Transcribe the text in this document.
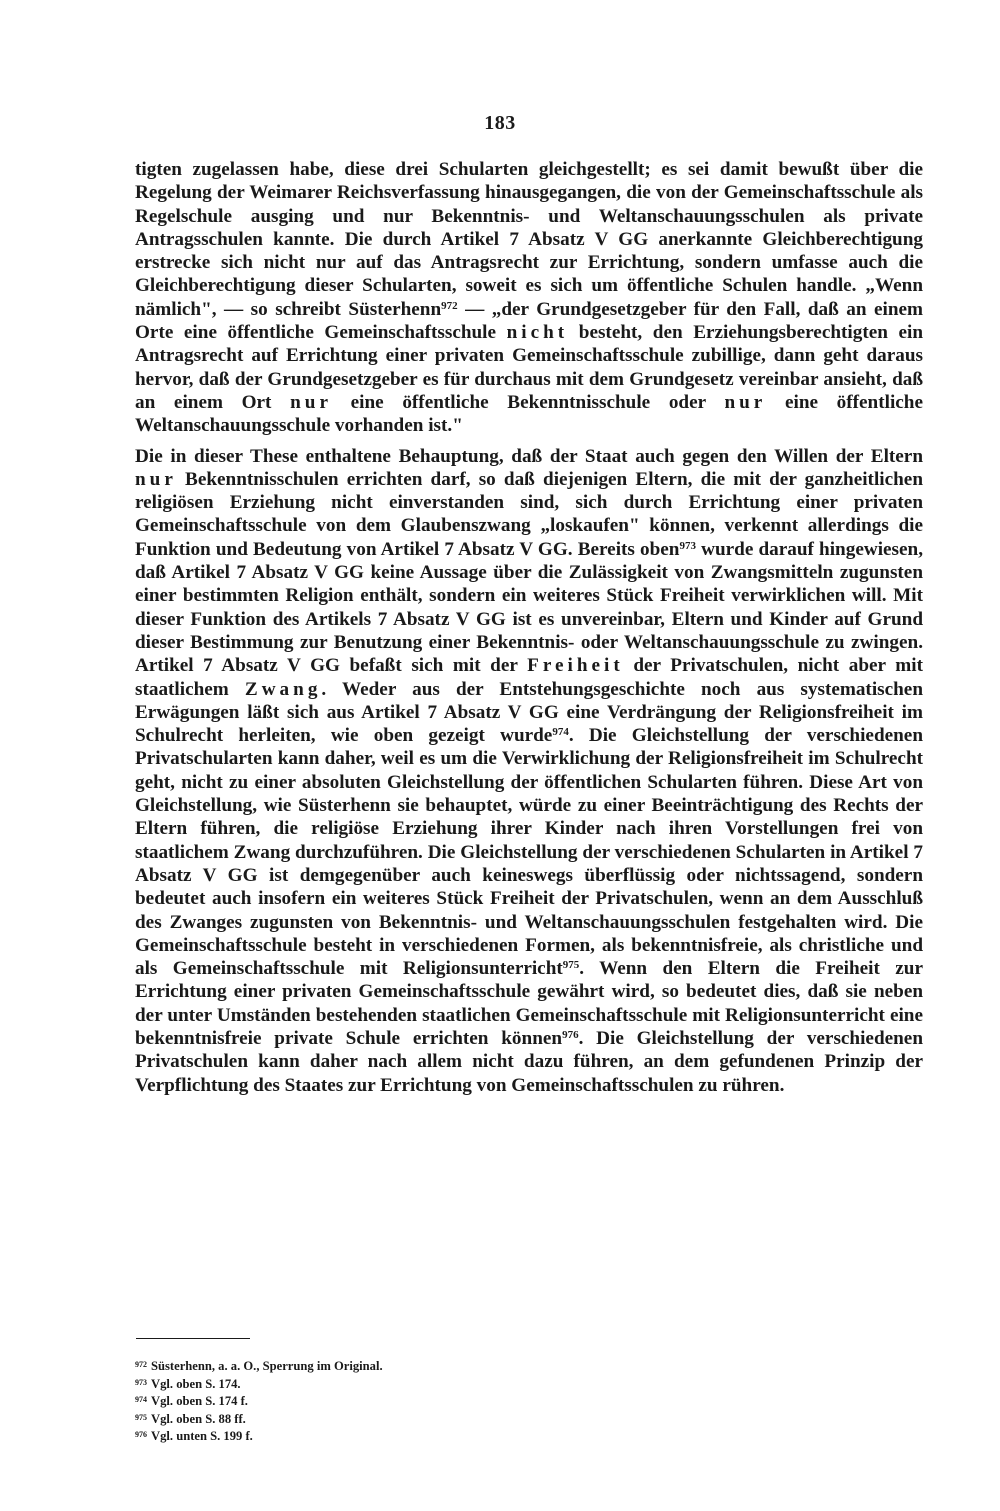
183

tigten zugelassen habe, diese drei Schularten gleichgestellt; es sei damit bewußt über die Regelung der Weimarer Reichsverfassung hinausgegangen, die von der Gemeinschaftsschule als Regelschule ausging und nur Bekenntnis- und Weltanschauungsschulen als private Antragsschulen kannte. Die durch Artikel 7 Absatz V GG anerkannte Gleichberechtigung erstrecke sich nicht nur auf das Antragsrecht zur Errichtung, sondern umfasse auch die Gleichberechtigung dieser Schularten, soweit es sich um öffentliche Schulen handle. „Wenn nämlich", — so schreibt Süsterhenn$^{972}$ — „der Grundgesetzgeber für den Fall, daß an einem Orte eine öffentliche Gemeinschaftsschule nicht besteht, den Erziehungsberechtigten ein Antragsrecht auf Errichtung einer privaten Gemeinschaftsschule zubillige, dann geht daraus hervor, daß der Grundgesetzgeber es für durchaus mit dem Grundgesetz vereinbar ansieht, daß an einem Ort nur eine öffentliche Bekenntnisschule oder nur eine öffentliche Weltanschauungsschule vorhanden ist."

Die in dieser These enthaltene Behauptung, daß der Staat auch gegen den Willen der Eltern nur Bekenntnisschulen errichten darf, so daß diejenigen Eltern, die mit der ganzheitlichen religiösen Erziehung nicht einverstanden sind, sich durch Errichtung einer privaten Gemeinschaftsschule von dem Glaubenszwang „loskaufen" können, verkennt allerdings die Funktion und Bedeutung von Artikel 7 Absatz V GG. Bereits oben$^{973}$ wurde darauf hingewiesen, daß Artikel 7 Absatz V GG keine Aussage über die Zulässigkeit von Zwangsmitteln zugunsten einer bestimmten Religion enthält, sondern ein weiteres Stück Freiheit verwirklichen will. Mit dieser Funktion des Artikels 7 Absatz V GG ist es unvereinbar, Eltern und Kinder auf Grund dieser Bestimmung zur Benutzung einer Bekenntnis- oder Weltanschauungsschule zu zwingen. Artikel 7 Absatz V GG befaßt sich mit der Freiheit der Privatschulen, nicht aber mit staatlichem Zwang. Weder aus der Entstehungsgeschichte noch aus systematischen Erwägungen läßt sich aus Artikel 7 Absatz V GG eine Verdrängung der Religionsfreiheit im Schulrecht herleiten, wie oben gezeigt wurde$^{974}$. Die Gleichstellung der verschiedenen Privatschularten kann daher, weil es um die Verwirklichung der Religionsfreiheit im Schulrecht geht, nicht zu einer absoluten Gleichstellung der öffentlichen Schularten führen. Diese Art von Gleichstellung, wie Süsterhenn sie behauptet, würde zu einer Beeinträchtigung des Rechts der Eltern führen, die religiöse Erziehung ihrer Kinder nach ihren Vorstellungen frei von staatlichem Zwang durchzuführen. Die Gleichstellung der verschiedenen Schularten in Artikel 7 Absatz V GG ist demgegenüber auch keineswegs überflüssig oder nichtssagend, sondern bedeutet auch insofern ein weiteres Stück Freiheit der Privatschulen, wenn an dem Ausschluß des Zwanges zugunsten von Bekenntnis- und Weltanschauungsschulen festgehalten wird. Die Gemeinschaftsschule besteht in verschiedenen Formen, als bekenntnisfreie, als christliche und als Gemeinschaftsschule mit Religionsunterricht$^{975}$. Wenn den Eltern die Freiheit zur Errichtung einer privaten Gemeinschaftsschule gewährt wird, so bedeutet dies, daß sie neben der unter Umständen bestehenden staatlichen Gemeinschaftsschule mit Religionsunterricht eine bekenntnisfreie private Schule errichten können$^{976}$. Die Gleichstellung der verschiedenen Privatschulen kann daher nach allem nicht dazu führen, an dem gefundenen Prinzip der Verpflichtung des Staates zur Errichtung von Gemeinschaftsschulen zu rühren.

$^{972}$ Süsterhenn, a. a. O., Sperrung im Original.

$^{973}$ Vgl. oben S. 174.

$^{974}$ Vgl. oben S. 174 f.

$^{975}$ Vgl. oben S. 88 ff.

$^{976}$ Vgl. unten S. 199 f.
